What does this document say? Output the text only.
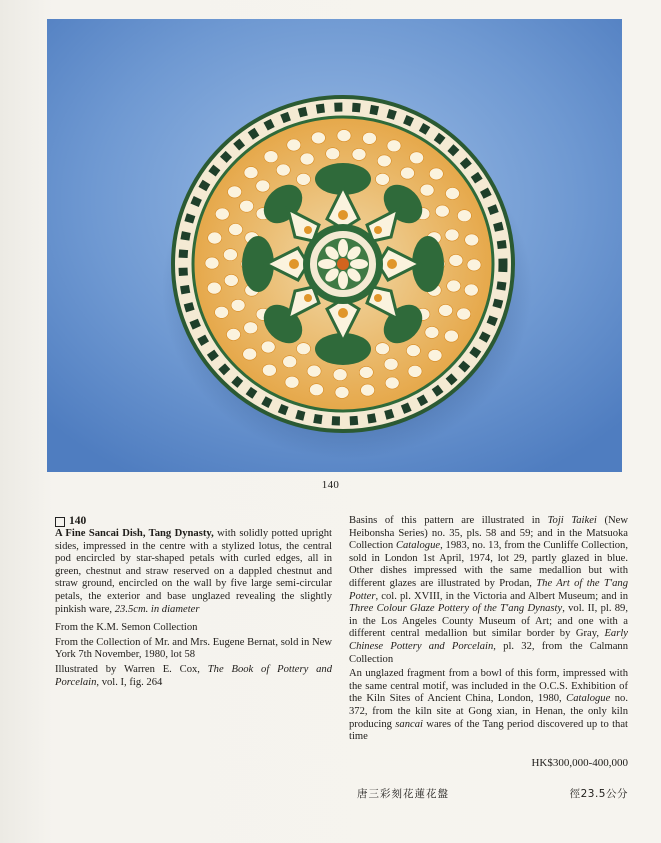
140
140

A Fine Sancai Dish, Tang Dynasty, with solidly potted upright sides, impressed in the centre with a stylized lotus, the central pod encircled by star-shaped petals with curled edges, all in green, chestnut and straw reserved on a dappled chestnut and straw ground, encircled on the wall by five large semi-circular petals, the exterior and base unglazed revealing the slightly pinkish ware, 23.5cm. in diameter

From the K.M. Semon Collection

From the Collection of Mr. and Mrs. Eugene Bernat, sold in New York 7th November, 1980, lot 58

Illustrated by Warren E. Cox, The Book of Pottery and Porcelain, vol. I, fig. 264

Basins of this pattern are illustrated in Toji Taikei (New Heibonsha Series) no. 35, pls. 58 and 59; and in the Matsuoka Collection Catalogue, 1983, no. 13, from the Cunliffe Collection, sold in London 1st April, 1974, lot 29, partly glazed in blue. Other dishes impressed with the same medallion but with different glazes are illustrated by Prodan, The Art of the T'ang Potter, col. pl. XVIII, in the Victoria and Albert Museum; and in Three Colour Glaze Pottery of the T'ang Dynasty, vol. II, pl. 89, in the Los Angeles County Museum of Art; and one with a different central medallion but similar border by Gray, Early Chinese Pottery and Porcelain, pl. 32, from the Calmann Collection

An unglazed fragment from a bowl of this form, impressed with the same central motif, was included in the O.C.S. Exhibition of the Kiln Sites of Ancient China, London, 1980, Catalogue no. 372, from the kiln site at Gong xian, in Henan, the only kiln producing sancai wares of the Tang period discovered up to that time

HK$300,000-400,000
唐三彩刻花蓮花盤	徑23.5公分
